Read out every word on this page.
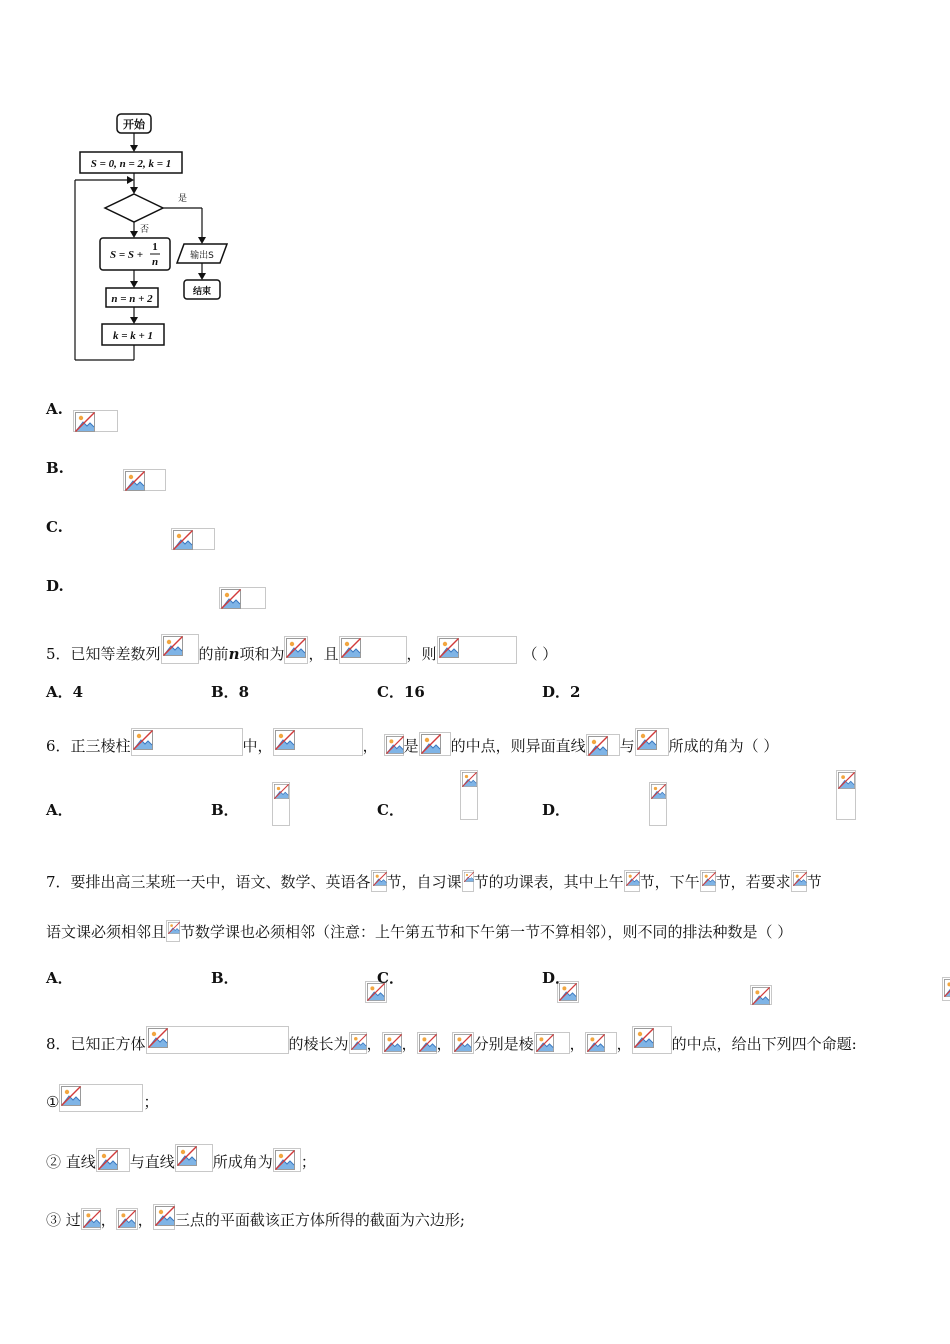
开始
S = 0, n = 2, k = 1
是
输出S
结束
否
S = S +
1
n
n = n + 2
k = k + 1
A.

B.

C.

D.

5．已知等差数列	的前n项和为 ，且	，则	（ ）
A．4	B．8	C．16	D．2
6．正三棱柱	中，	， 是 的中点，则异面直线 与 所成的角为（ ）
A．
	B．
	C．
	D．

7．要排出高三某班一天中，语文、数学、英语各 节，自习课 节的功课表，其中上午 节，下午 节，若要求 节
语文课必须相邻且 节数学课也必须相邻（注意：上午第五节和下午第一节不算相邻），则不同的排法种数是（ ）
A．
	B．
	C．
	D．
8．已知正方体	的棱长为 ， ， ， 分别是棱 ， ，	的中点，给出下列四个命题:
①	；
② 直线 与直线	所成角为 ；
③ 过 ， ， 三点的平面截该正方体所得的截面为六边形;
